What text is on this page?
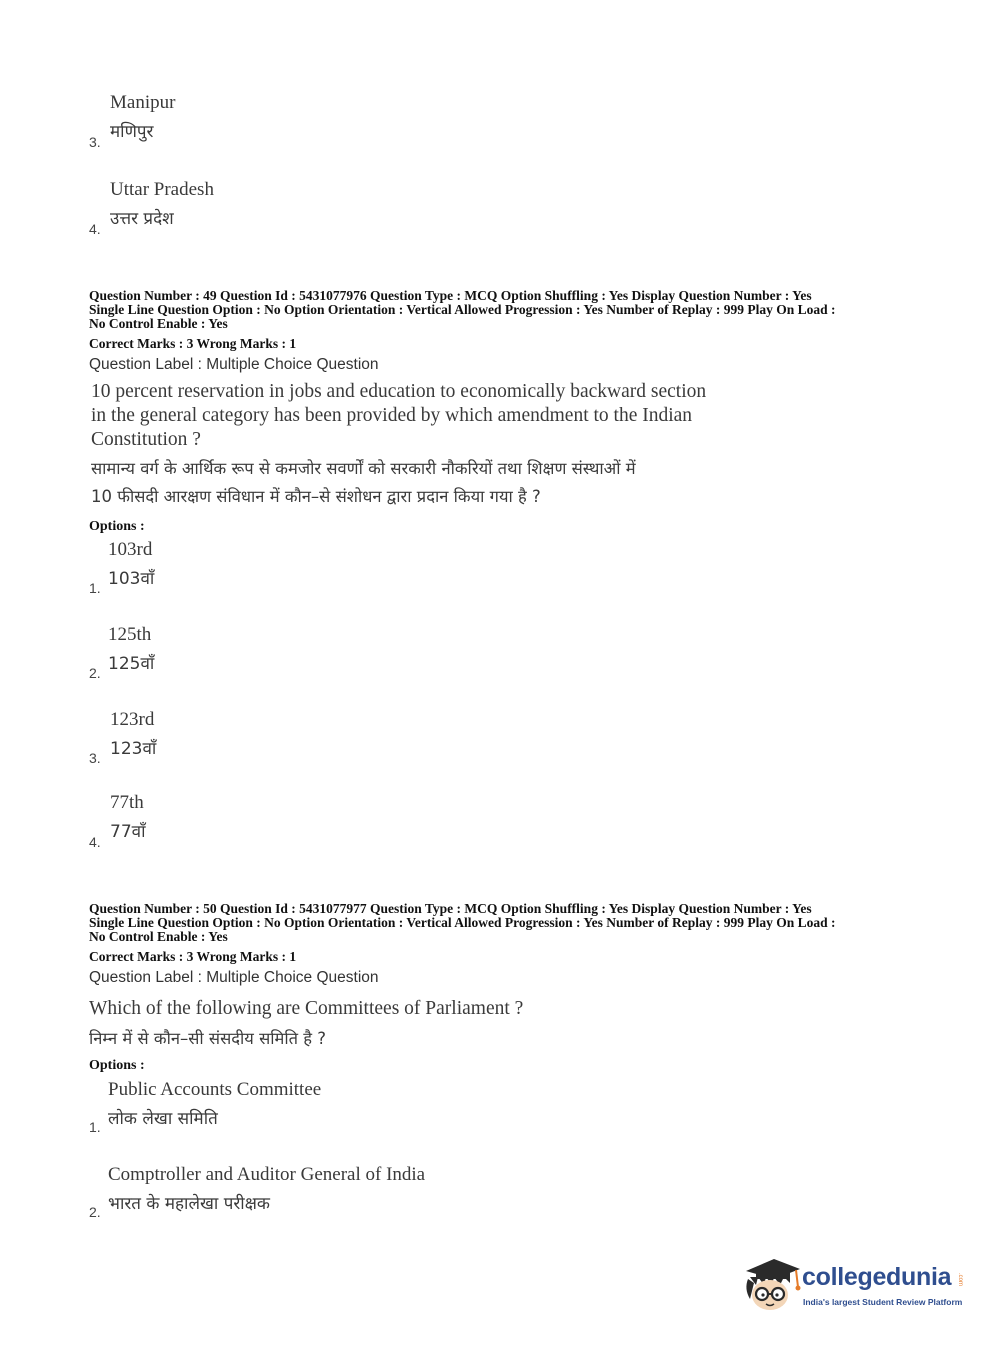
Manipur
मणिपुर
3.
Uttar Pradesh
उत्तर प्रदेश
4.
Question Number : 49 Question Id : 5431077976 Question Type : MCQ Option Shuffling : Yes Display Question Number : Yes
Single Line Question Option : No Option Orientation : Vertical Allowed Progression : Yes Number of Replay : 999 Play On Load :
No Control Enable : Yes
Correct Marks : 3 Wrong Marks : 1
Question Label : Multiple Choice Question
10 percent reservation in jobs and education to economically backward section
in the general category has been provided by which amendment to the Indian
Constitution ?
सामान्य वर्ग के आर्थिक रूप से कमजोर सवर्णों को सरकारी नौकरियों तथा शिक्षण संस्थाओं में
10 फीसदी आरक्षण संविधान में कौन–से संशोधन द्वारा प्रदान किया गया है ?
Options :
103rd
103वाँ
1.
125th
125वाँ
2.
123rd
123वाँ
3.
77th
77वाँ
4.
Question Number : 50 Question Id : 5431077977 Question Type : MCQ Option Shuffling : Yes Display Question Number : Yes
Single Line Question Option : No Option Orientation : Vertical Allowed Progression : Yes Number of Replay : 999 Play On Load :
No Control Enable : Yes
Correct Marks : 3 Wrong Marks : 1
Question Label : Multiple Choice Question
Which of the following are Committees of Parliament ?
निम्न में से कौन–सी संसदीय समिति है ?
Options :
Public Accounts Committee
लोक लेखा समिति
1.
Comptroller and Auditor General of India
भारत के महालेखा परीक्षक
2.
collegedunia .com
India's largest Student Review Platform
